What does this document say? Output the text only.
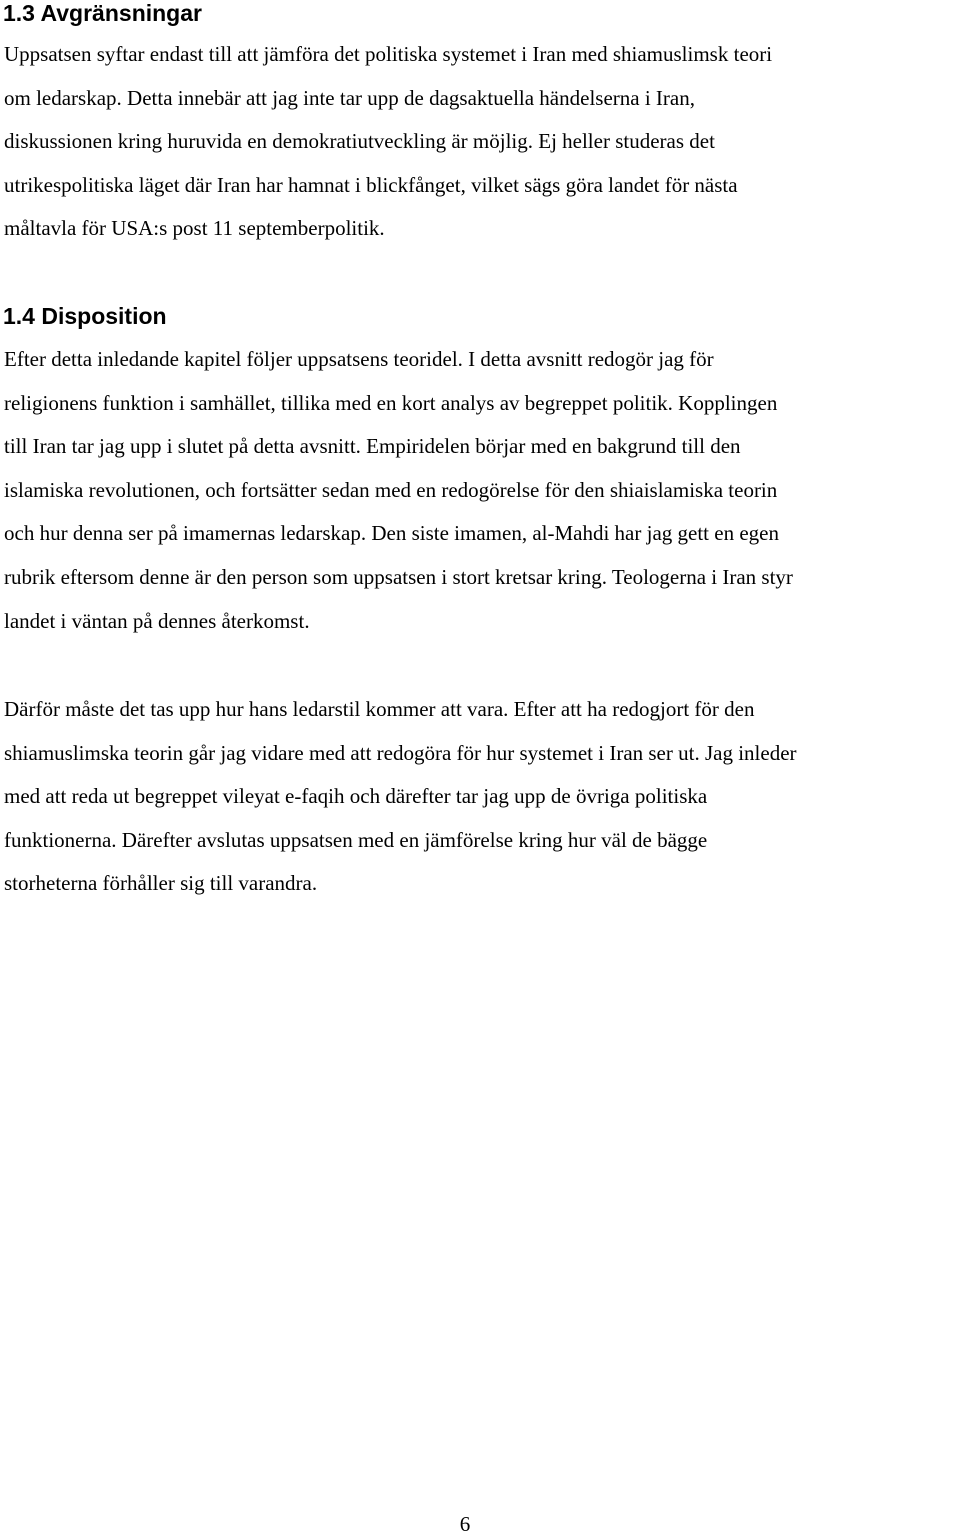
1.3 Avgränsningar

Uppsatsen syftar endast till att jämföra det politiska systemet i Iran med shiamuslimsk teori
om ledarskap. Detta innebär att jag inte tar upp de dagsaktuella händelserna i Iran,
diskussionen kring huruvida en demokratiutveckling är möjlig. Ej heller studeras det
utrikespolitiska läget där Iran har hamnat i blickfånget, vilket sägs göra landet för nästa
måltavla för USA:s post 11 septemberpolitik.

1.4 Disposition

Efter detta inledande kapitel följer uppsatsens teoridel. I detta avsnitt redogör jag för
religionens funktion i samhället, tillika med en kort analys av begreppet politik. Kopplingen
till Iran tar jag upp i slutet på detta avsnitt. Empiridelen börjar med en bakgrund till den
islamiska revolutionen, och fortsätter sedan med en redogörelse för den shiaislamiska teorin
och hur denna ser på imamernas ledarskap. Den siste imamen, al-Mahdi har jag gett en egen
rubrik eftersom denne är den person som uppsatsen i stort kretsar kring. Teologerna i Iran styr
landet i väntan på dennes återkomst.

Därför måste det tas upp hur hans ledarstil kommer att vara. Efter att ha redogjort för den
shiamuslimska teorin går jag vidare med att redogöra för hur systemet i Iran ser ut. Jag inleder
med att reda ut begreppet vileyat e-faqih och därefter tar jag upp de övriga politiska
funktionerna. Därefter avslutas uppsatsen med en jämförelse kring hur väl de bägge
storheterna förhåller sig till varandra.

6
